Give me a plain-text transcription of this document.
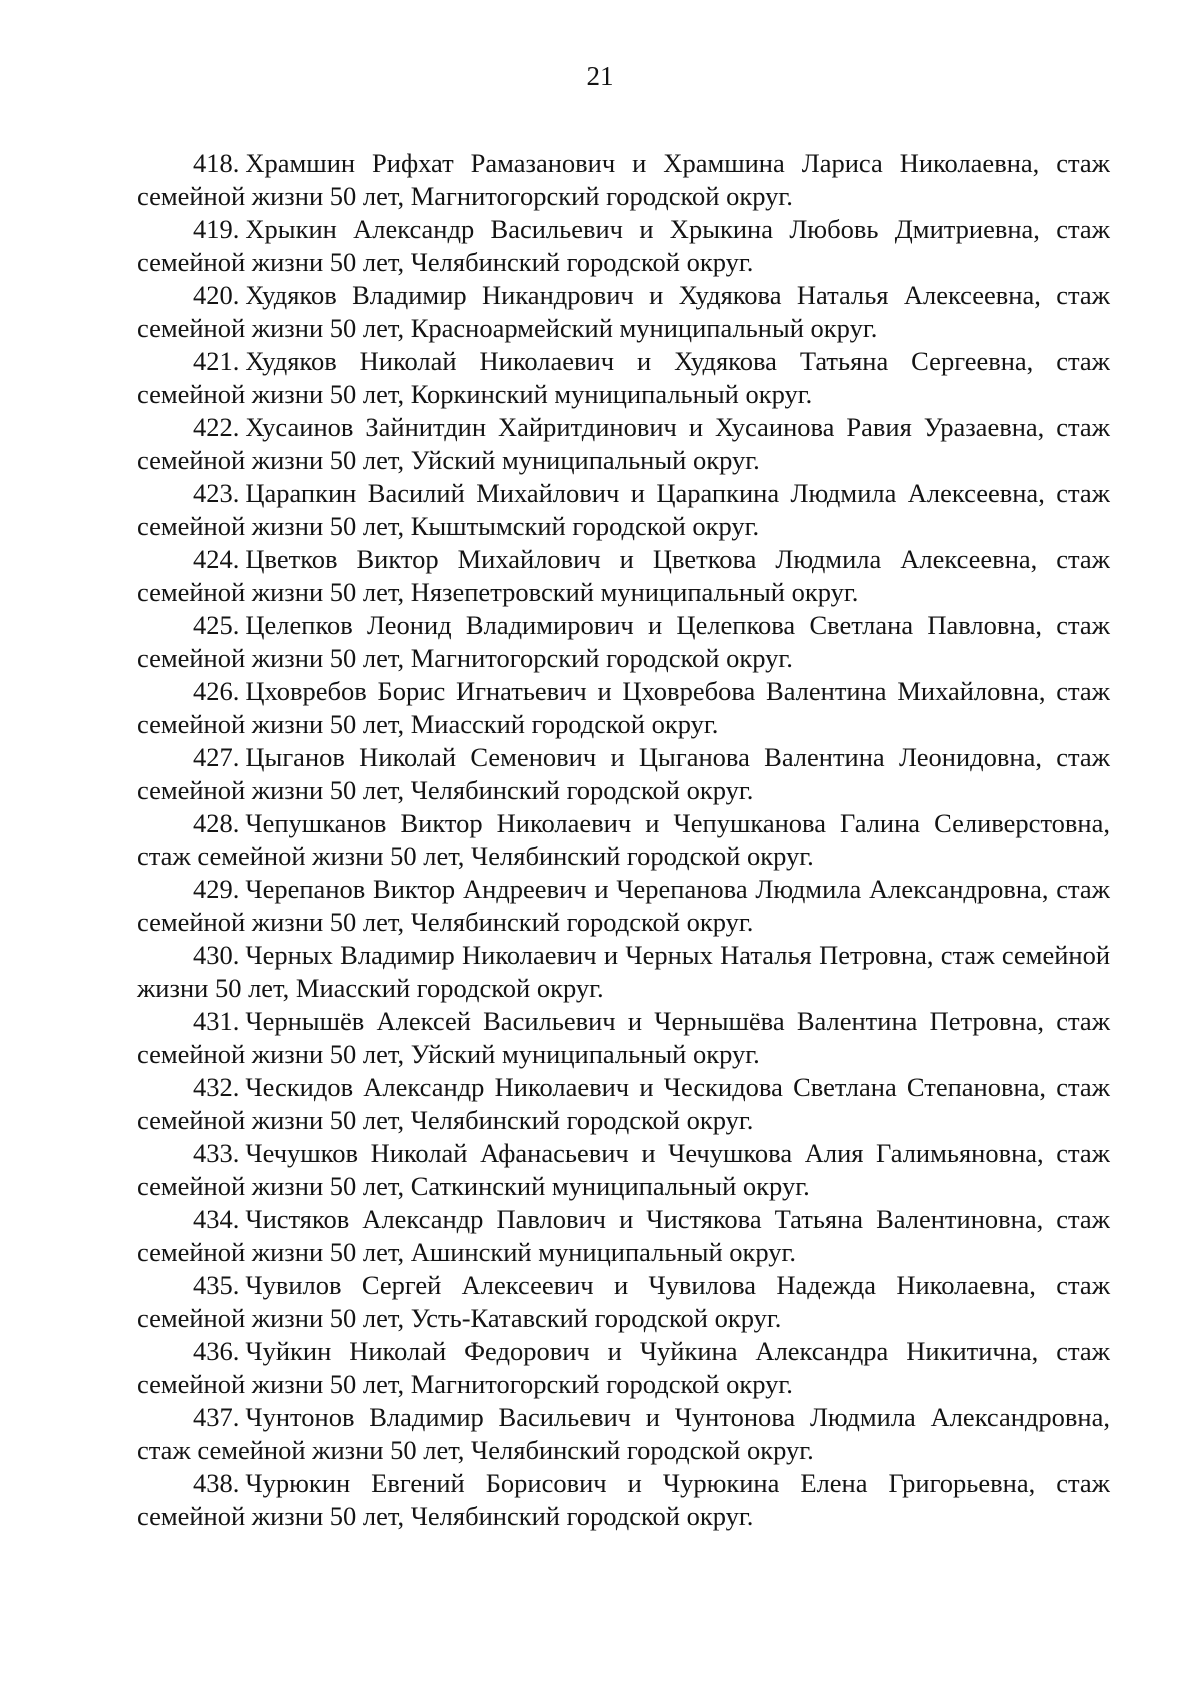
21

418. Храмшин Рифхат Рамазанович и Храмшина Лариса Николаевна, стаж семейной жизни 50 лет, Магнитогорский городской округ.

419. Хрыкин Александр Васильевич и Хрыкина Любовь Дмитриевна, стаж семейной жизни 50 лет, Челябинский городской округ.

420. Худяков Владимир Никандрович и Худякова Наталья Алексеевна, стаж семейной жизни 50 лет, Красноармейский муниципальный округ.

421. Худяков Николай Николаевич и Худякова Татьяна Сергеевна, стаж семейной жизни 50 лет, Коркинский муниципальный округ.

422. Хусаинов Зайнитдин Хайритдинович и Хусаинова Равия Уразаевна, стаж семейной жизни 50 лет, Уйский муниципальный округ.

423. Царапкин Василий Михайлович и Царапкина Людмила Алексеевна, стаж семейной жизни 50 лет, Кыштымский городской округ.

424. Цветков Виктор Михайлович и Цветкова Людмила Алексеевна, стаж семейной жизни 50 лет, Нязепетровский муниципальный округ.

425. Целепков Леонид Владимирович и Целепкова Светлана Павловна, стаж семейной жизни 50 лет, Магнитогорский городской округ.

426. Цховребов Борис Игнатьевич и Цховребова Валентина Михайловна, стаж семейной жизни 50 лет, Миасский городской округ.

427. Цыганов Николай Семенович и Цыганова Валентина Леонидовна, стаж семейной жизни 50 лет, Челябинский городской округ.

428. Чепушканов Виктор Николаевич и Чепушканова Галина Селиверстовна, стаж семейной жизни 50 лет, Челябинский городской округ.

429. Черепанов Виктор Андреевич и Черепанова Людмила Александровна, стаж семейной жизни 50 лет, Челябинский городской округ.

430. Черных Владимир Николаевич и Черных Наталья Петровна, стаж семейной жизни 50 лет, Миасский городской округ.

431. Чернышёв Алексей Васильевич и Чернышёва Валентина Петровна, стаж семейной жизни 50 лет, Уйский муниципальный округ.

432. Ческидов Александр Николаевич и Ческидова Светлана Степановна, стаж семейной жизни 50 лет, Челябинский городской округ.

433. Чечушков Николай Афанасьевич и Чечушкова Алия Галимьяновна, стаж семейной жизни 50 лет, Саткинский муниципальный округ.

434. Чистяков Александр Павлович и Чистякова Татьяна Валентиновна, стаж семейной жизни 50 лет, Ашинский муниципальный округ.

435. Чувилов Сергей Алексеевич и Чувилова Надежда Николаевна, стаж семейной жизни 50 лет, Усть-Катавский городской округ.

436. Чуйкин Николай Федорович и Чуйкина Александра Никитична, стаж семейной жизни 50 лет, Магнитогорский городской округ.

437. Чунтонов Владимир Васильевич и Чунтонова Людмила Александровна, стаж семейной жизни 50 лет, Челябинский городской округ.

438. Чурюкин Евгений Борисович и Чурюкина Елена Григорьевна, стаж семейной жизни 50 лет, Челябинский городской округ.
